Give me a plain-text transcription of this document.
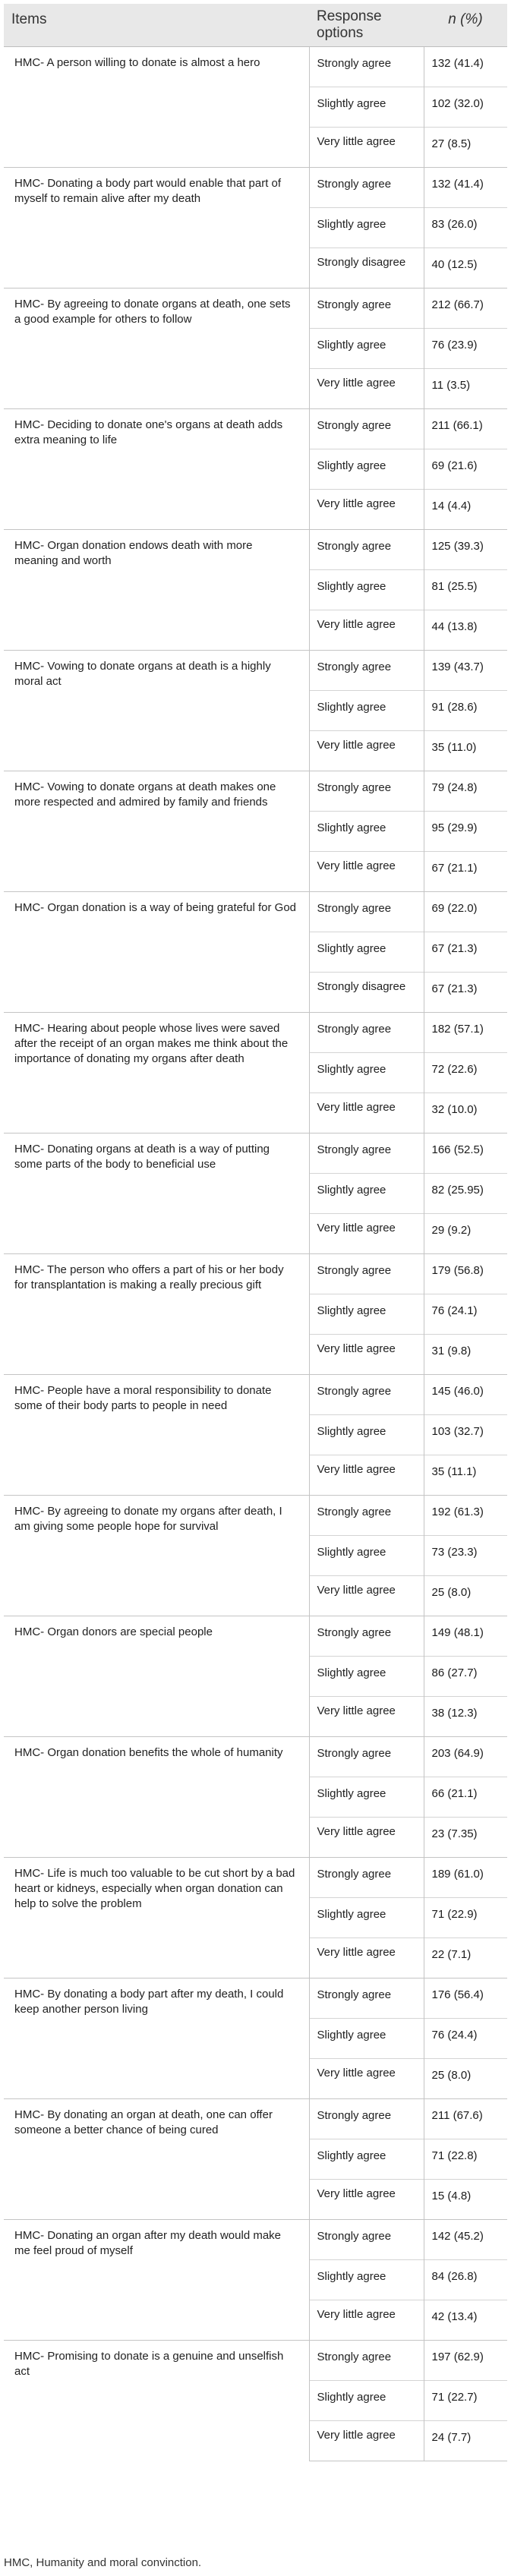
Items	Response options	n (%)
HMC- A person willing to donate is almost a hero	Strongly agree	132 (41.4)
	Slightly agree	102 (32.0)
	Very little agree	27 (8.5)
HMC- Donating a body part would enable that part of myself to remain alive after my death	Strongly agree	132 (41.4)
	Slightly agree	83 (26.0)
	Strongly disagree	40 (12.5)
HMC- By agreeing to donate organs at death, one sets a good example for others to follow	Strongly agree	212 (66.7)
	Slightly agree	76 (23.9)
	Very little agree	11 (3.5)
HMC- Deciding to donate one's organs at death adds extra meaning to life	Strongly agree	211 (66.1)
	Slightly agree	69 (21.6)
	Very little agree	14 (4.4)
HMC- Organ donation endows death with more meaning and worth	Strongly agree	125 (39.3)
	Slightly agree	81 (25.5)
	Very little agree	44 (13.8)
HMC- Vowing to donate organs at death is a highly moral act	Strongly agree	139 (43.7)
	Slightly agree	91 (28.6)
	Very little agree	35 (11.0)
HMC- Vowing to donate organs at death makes one more respected and admired by family and friends	Strongly agree	79 (24.8)
	Slightly agree	95 (29.9)
	Very little agree	67 (21.1)
HMC- Organ donation is a way of being grateful for God	Strongly agree	69 (22.0)
	Slightly agree	67 (21.3)
	Strongly disagree	67 (21.3)
HMC- Hearing about people whose lives were saved after the receipt of an organ makes me think about the importance of donating my organs after death	Strongly agree	182 (57.1)
	Slightly agree	72 (22.6)
	Very little agree	32 (10.0)
HMC- Donating organs at death is a way of putting some parts of the body to beneficial use	Strongly agree	166 (52.5)
	Slightly agree	82 (25.95)
	Very little agree	29 (9.2)
HMC- The person who offers a part of his or her body for transplantation is making a really precious gift	Strongly agree	179 (56.8)
	Slightly agree	76 (24.1)
	Very little agree	31 (9.8)
HMC- People have a moral responsibility to donate some of their body parts to people in need	Strongly agree	145 (46.0)
	Slightly agree	103 (32.7)
	Very little agree	35 (11.1)
HMC- By agreeing to donate my organs after death, I am giving some people hope for survival	Strongly agree	192 (61.3)
	Slightly agree	73 (23.3)
	Very little agree	25 (8.0)
HMC- Organ donors are special people	Strongly agree	149 (48.1)
	Slightly agree	86 (27.7)
	Very little agree	38 (12.3)
HMC- Organ donation benefits the whole of humanity	Strongly agree	203 (64.9)
	Slightly agree	66 (21.1)
	Very little agree	23 (7.35)
HMC- Life is much too valuable to be cut short by a bad heart or kidneys, especially when organ donation can help to solve the problem	Strongly agree	189 (61.0)
	Slightly agree	71 (22.9)
	Very little agree	22 (7.1)
HMC- By donating a body part after my death, I could keep another person living	Strongly agree	176 (56.4)
	Slightly agree	76 (24.4)
	Very little agree	25 (8.0)
HMC- By donating an organ at death, one can offer someone a better chance of being cured	Strongly agree	211 (67.6)
	Slightly agree	71 (22.8)
	Very little agree	15 (4.8)
HMC- Donating an organ after my death would make me feel proud of myself	Strongly agree	142 (45.2)
	Slightly agree	84 (26.8)
	Very little agree	42 (13.4)
HMC- Promising to donate is a genuine and unselfish act	Strongly agree	197 (62.9)
	Slightly agree	71 (22.7)
	Very little agree	24 (7.7)
HMC, Humanity and moral convinction.
